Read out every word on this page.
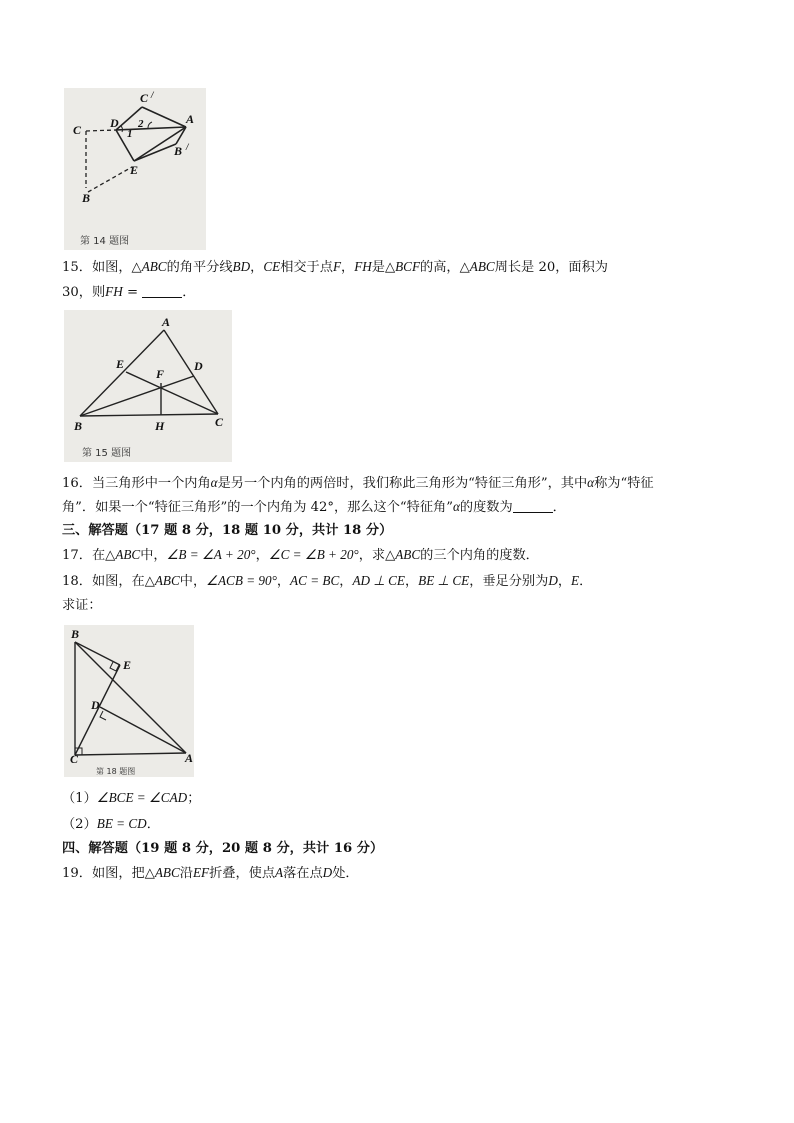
C /
C D	A
B /
E
B
1
2
第 14 题图
15．如图，△ABC的角平分线BD，CE相交于点F，FH是△BCF的高，△ABC周长是 20，面积为
30，则FH =	．
A
E	D
F
B	H	C
第 15 题图
16．当三角形中一个内角α是另一个内角的两倍时，我们称此三角形为“特征三角形”，其中α称为“特征
角”．如果一个“特征三角形”的一个内角为 42°，那么这个“特征角”α的度数为	．
三、解答题（17 题 8 分，18 题 10 分，共计 18 分）
17．在△ABC中，∠B = ∠A + 20°，∠C = ∠B + 20°，求△ABC的三个内角的度数．
18．如图，在△ABC中，∠ACB = 90°，AC = BC，AD ⊥ CE，BE ⊥ CE，垂足分别为D，E．
求证：
B
E
D
C	A
第 18 题图
（1）∠BCE = ∠CAD；
（2）BE = CD．
四、解答题（19 题 8 分，20 题 8 分，共计 16 分）
19．如图，把△ABC沿EF折叠，使点A落在点D处．
